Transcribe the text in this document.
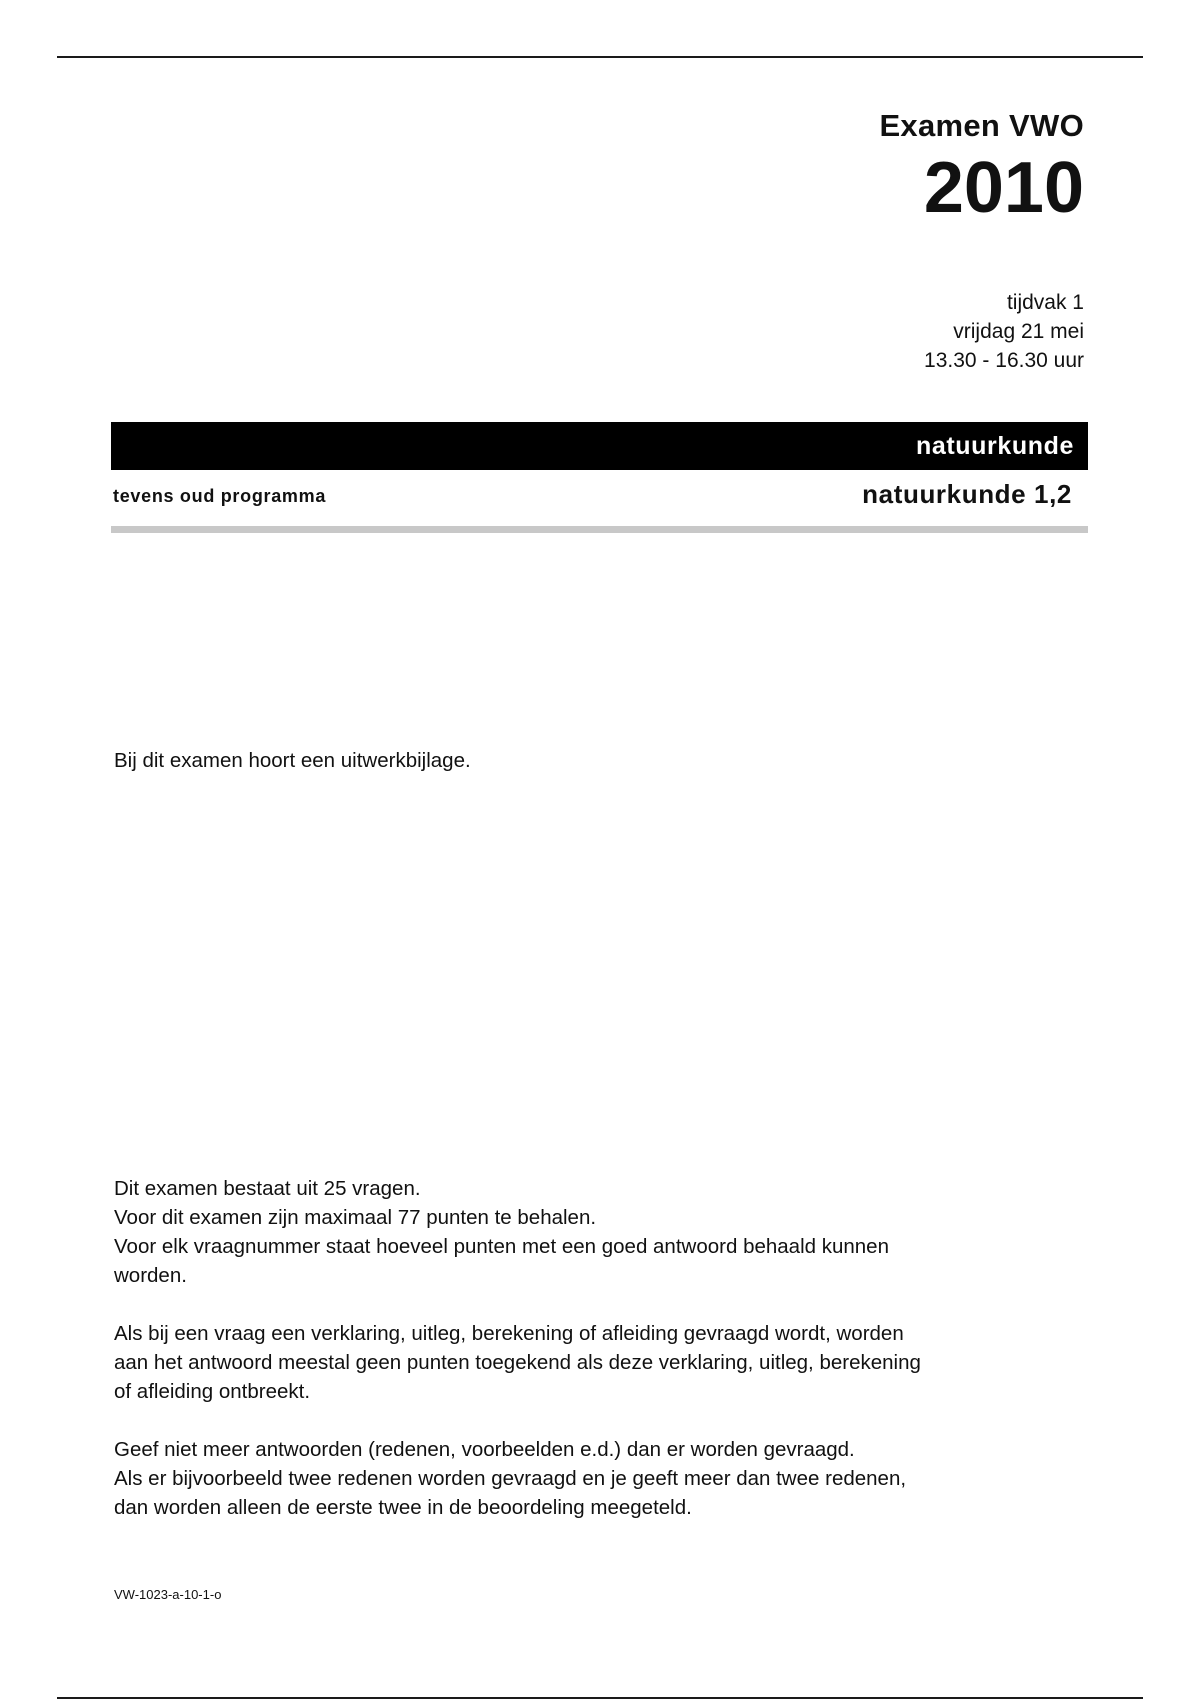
Examen VWO
2010
tijdvak 1
vrijdag 21 mei
13.30 - 16.30 uur
natuurkunde
tevens oud programma	natuurkunde 1,2
Bij dit examen hoort een uitwerkbijlage.

Dit examen bestaat uit 25 vragen.
Voor dit examen zijn maximaal 77 punten te behalen.
Voor elk vraagnummer staat hoeveel punten met een goed antwoord behaald kunnen
worden.

Als bij een vraag een verklaring, uitleg, berekening of afleiding gevraagd wordt, worden
aan het antwoord meestal geen punten toegekend als deze verklaring, uitleg, berekening
of afleiding ontbreekt.

Geef niet meer antwoorden (redenen, voorbeelden e.d.) dan er worden gevraagd.
Als er bijvoorbeeld twee redenen worden gevraagd en je geeft meer dan twee redenen,
dan worden alleen de eerste twee in de beoordeling meegeteld.

VW-1023-a-10-1-o
